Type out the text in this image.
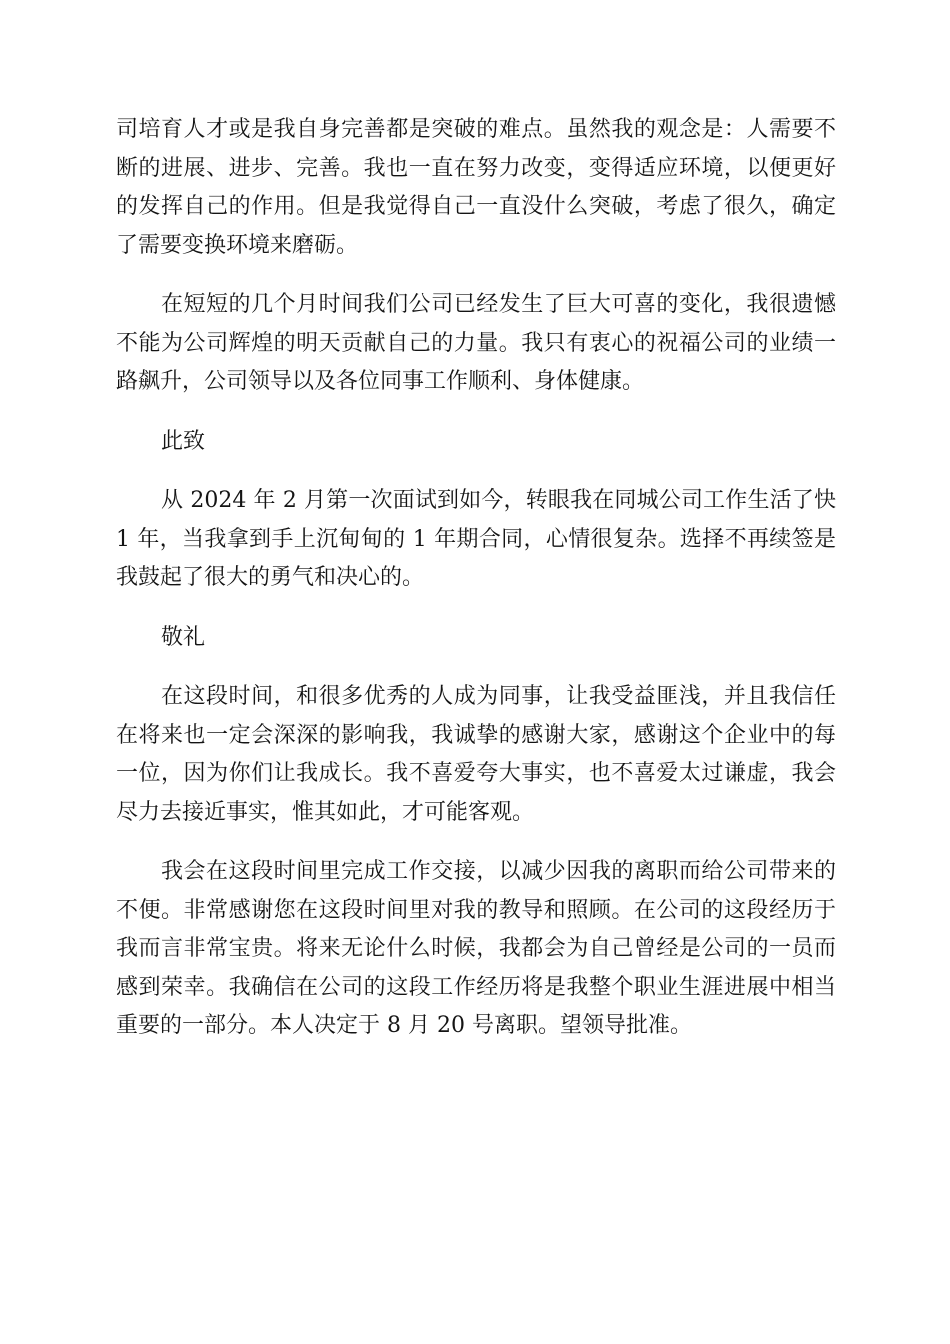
司培育人才或是我自身完善都是突破的难点。虽然我的观念是：人需要不断的进展、进步、完善。我也一直在努力改变，变得适应环境，以便更好的发挥自己的作用。但是我觉得自己一直没什么突破，考虑了很久，确定了需要变换环境来磨砺。

在短短的几个月时间我们公司已经发生了巨大可喜的变化，我很遗憾不能为公司辉煌的明天贡献自己的力量。我只有衷心的祝福公司的业绩一路飙升，公司领导以及各位同事工作顺利、身体健康。

此致

从 2024 年 2 月第一次面试到如今，转眼我在同城公司工作生活了快 1 年，当我拿到手上沉甸甸的 1 年期合同，心情很复杂。选择不再续签是我鼓起了很大的勇气和决心的。

敬礼

在这段时间，和很多优秀的人成为同事，让我受益匪浅，并且我信任在将来也一定会深深的影响我，我诚挚的感谢大家，感谢这个企业中的每一位，因为你们让我成长。我不喜爱夸大事实，也不喜爱太过谦虚，我会尽力去接近事实，惟其如此，才可能客观。

我会在这段时间里完成工作交接，以减少因我的离职而给公司带来的不便。非常感谢您在这段时间里对我的教导和照顾。在公司的这段经历于我而言非常宝贵。将来无论什么时候，我都会为自己曾经是公司的一员而感到荣幸。我确信在公司的这段工作经历将是我整个职业生涯进展中相当重要的一部分。本人决定于 8 月 20 号离职。望领导批准。
